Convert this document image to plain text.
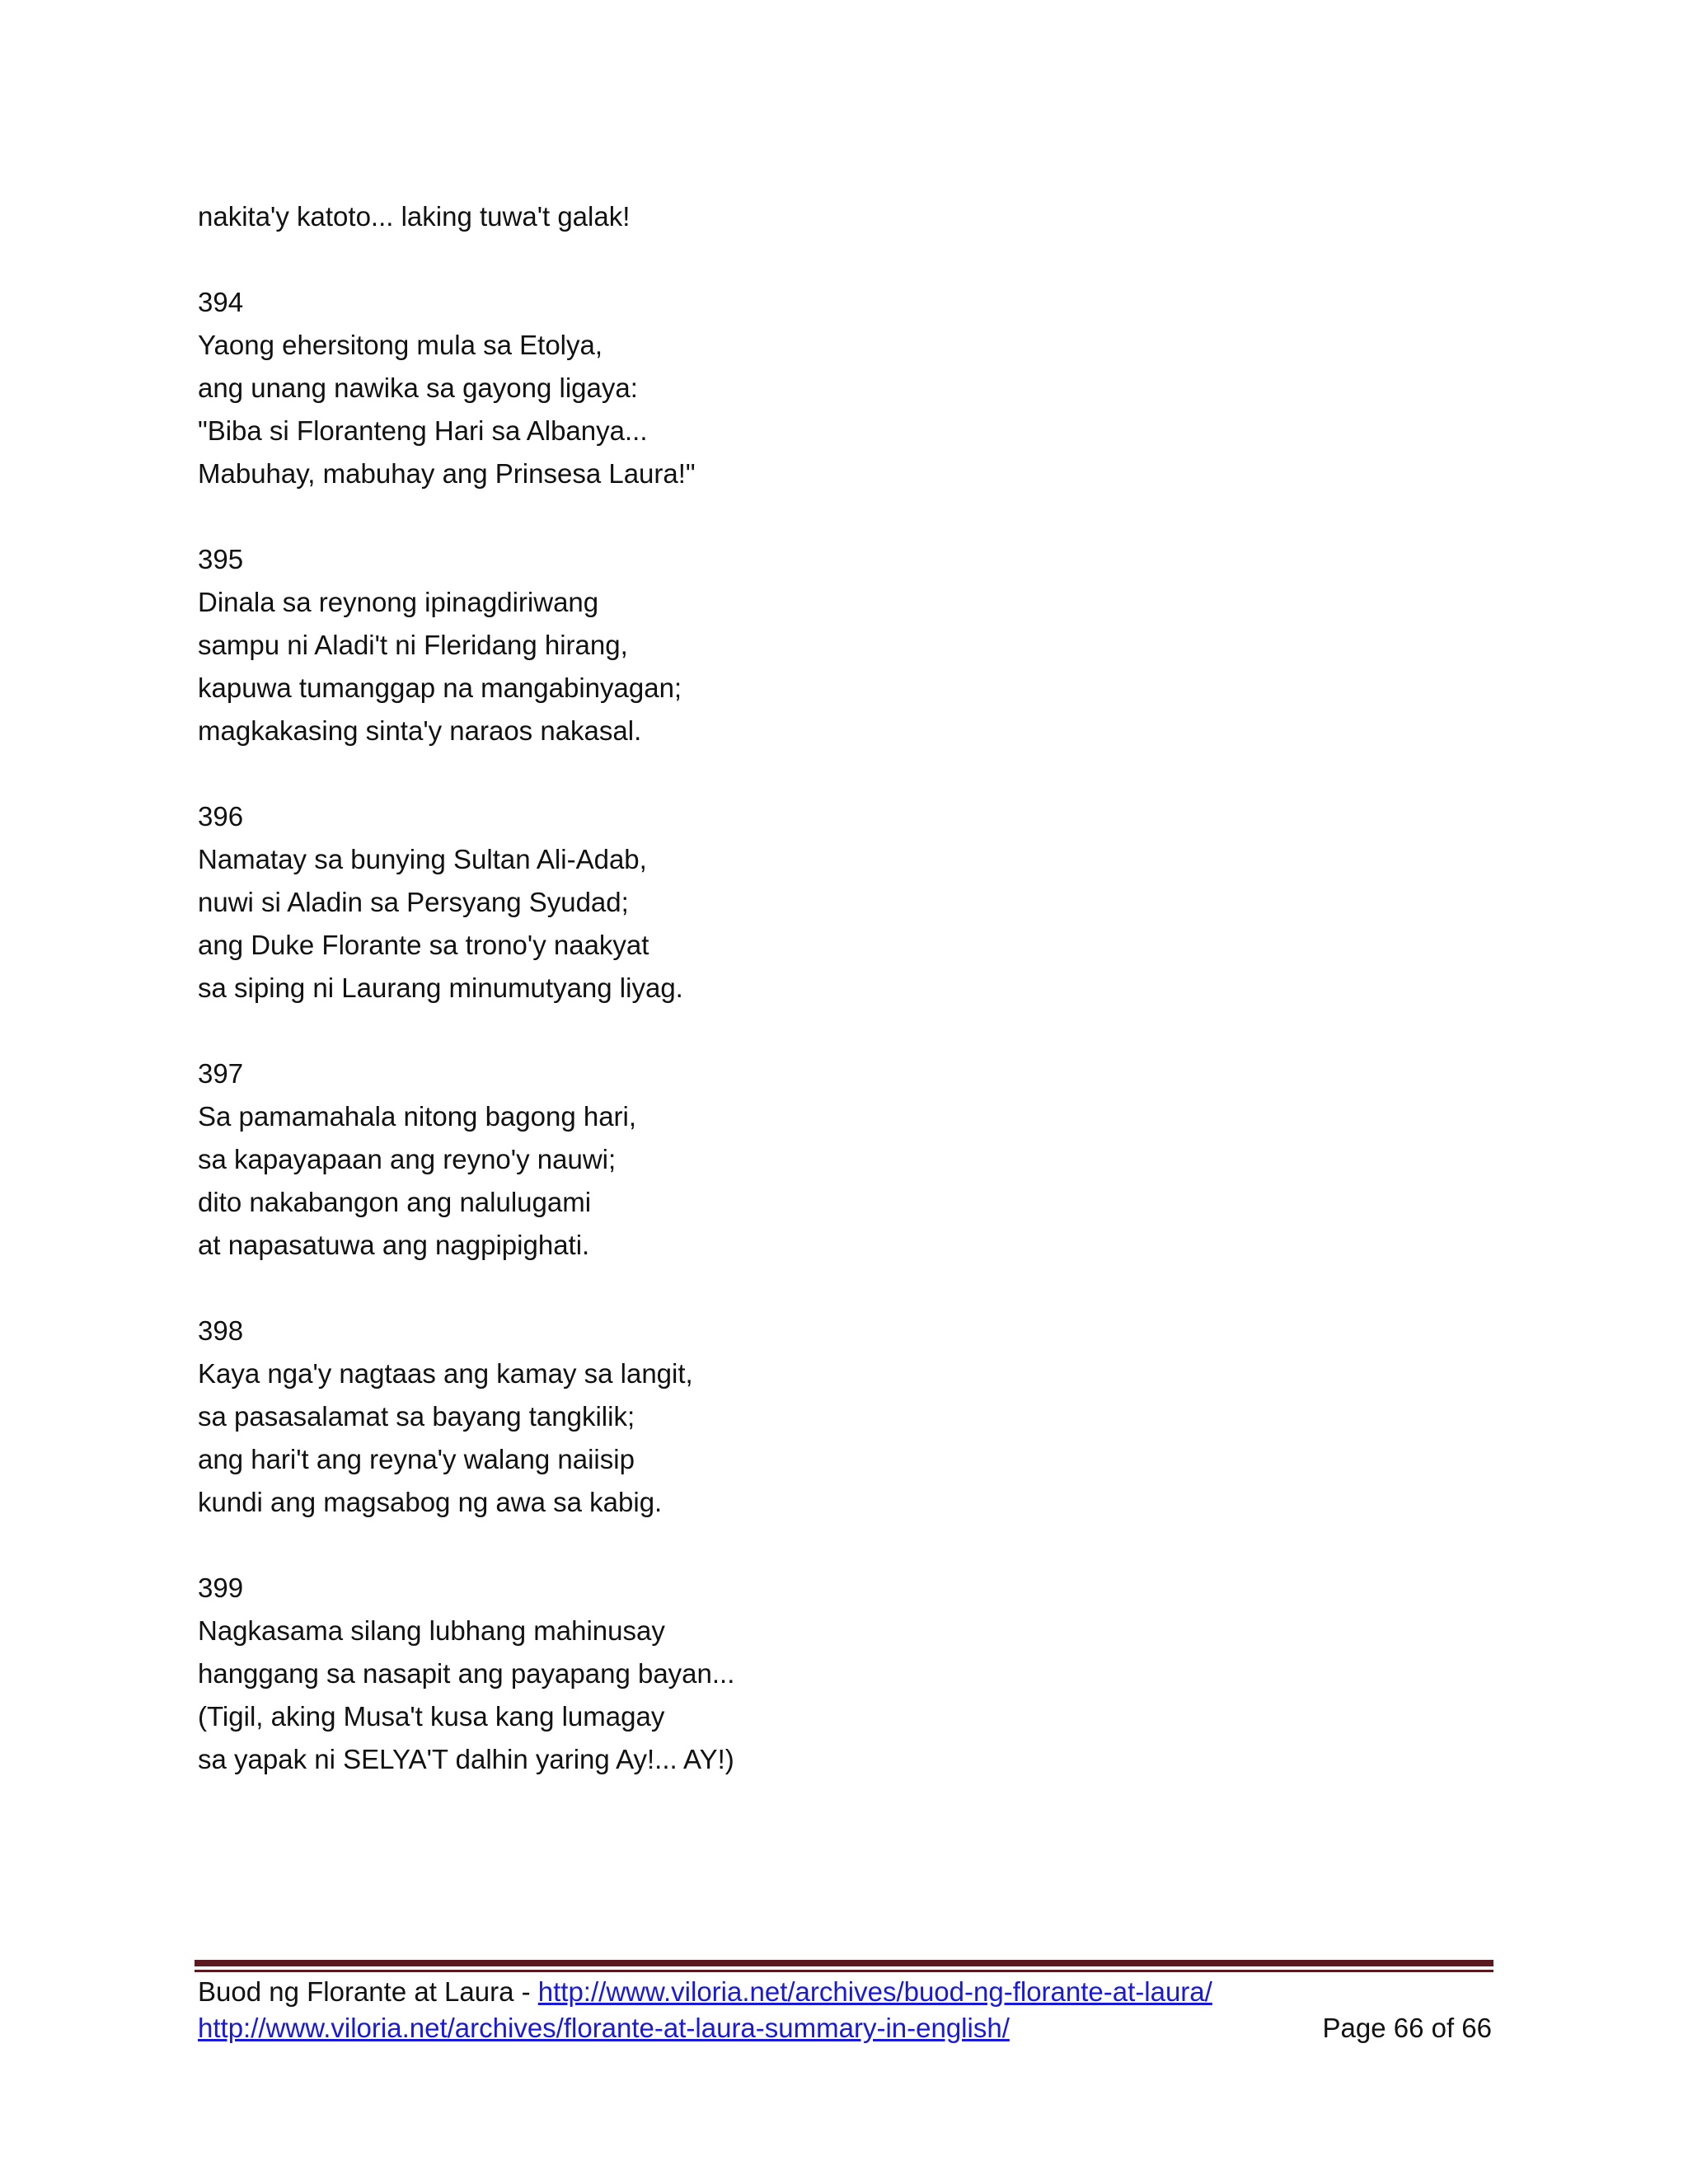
nakita'y katoto... laking tuwa't galak!
394
Yaong ehersitong mula sa Etolya,
ang unang nawika sa gayong ligaya:
"Biba si Floranteng Hari sa Albanya...
Mabuhay, mabuhay ang Prinsesa Laura!"
395
Dinala sa reynong ipinagdiriwang
sampu ni Aladi't ni Fleridang hirang,
kapuwa tumanggap na mangabinyagan;
magkakasing sinta'y naraos nakasal.
396
Namatay sa bunying Sultan Ali-Adab,
nuwi si Aladin sa Persyang Syudad;
ang Duke Florante sa trono'y naakyat
sa siping ni Laurang minumutyang liyag.
397
Sa pamamahala nitong bagong hari,
sa kapayapaan ang reyno'y nauwi;
dito nakabangon ang nalulugami
at napasatuwa ang nagpipighati.
398
Kaya nga'y nagtaas ang kamay sa langit,
sa pasasalamat sa bayang tangkilik;
ang hari't ang reyna'y walang naiisip
kundi ang magsabog ng awa sa kabig.
399
Nagkasama silang lubhang mahinusay
hanggang sa nasapit ang payapang bayan...
(Tigil, aking Musa't kusa kang lumagay
sa yapak ni SELYA'T dalhin yaring Ay!... AY!)
Buod ng Florante at Laura - http://www.viloria.net/archives/buod-ng-florante-at-laura/
http://www.viloria.net/archives/florante-at-laura-summary-in-english/	Page 66 of 66
